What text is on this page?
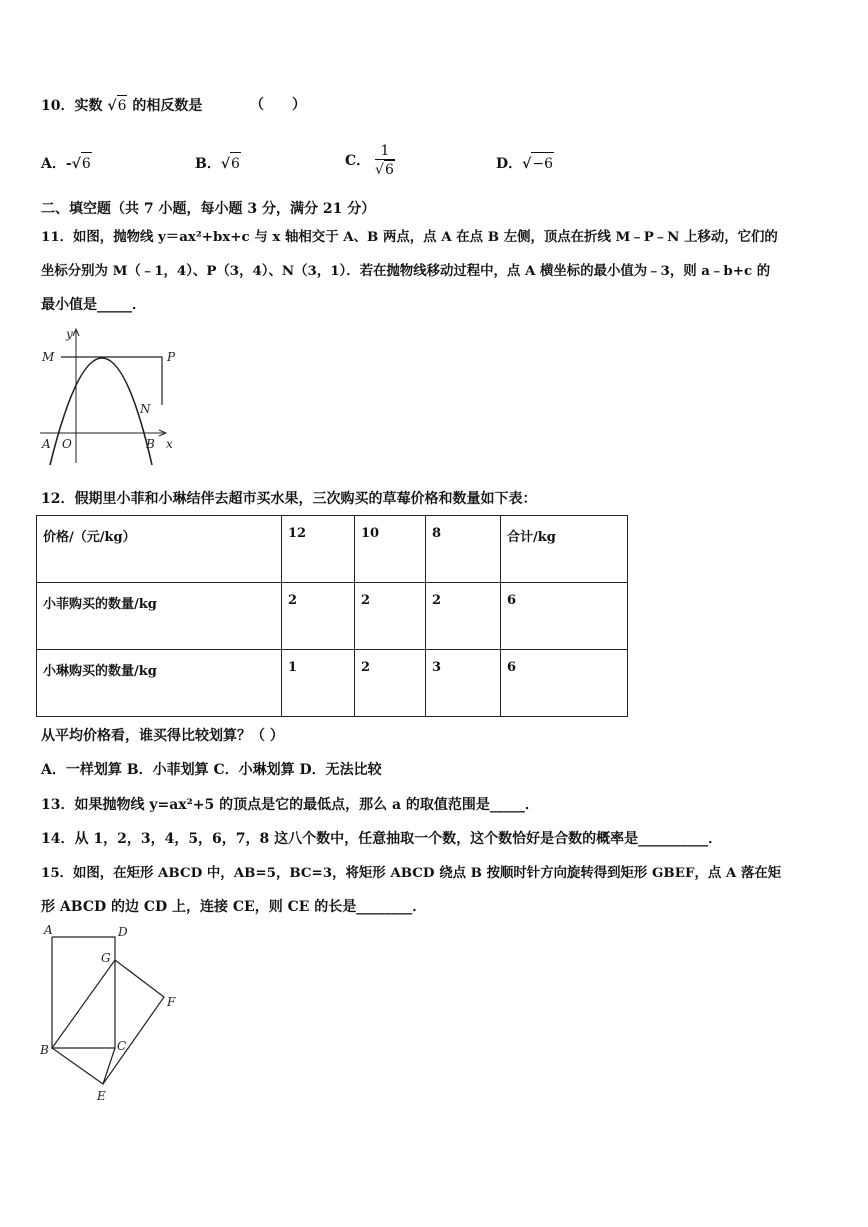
10．实数 √6 的相反数是	（　　）
A．-√6	B．√6	C． $\frac{1}{√6}$	D．√−6
二、填空题（共 7 小题，每小题 3 分，满分 21 分）
11．如图，抛物线 y＝ax²+bx+c 与 x 轴相交于 A、B 两点，点 A 在点 B 左侧，顶点在折线 M﹣P﹣N 上移动，它们的
坐标分别为 M（﹣1，4）、P（3，4）、N（3，1）．若在抛物线移动过程中，点 A 横坐标的最小值为﹣3，则 a﹣b+c 的
最小值是_____．
y
M	P
N
A O	B x
12．假期里小菲和小琳结伴去超市买水果，三次购买的草莓价格和数量如下表：
价格/（元/kg）	12	10	8	合计/kg
小菲购买的数量/kg	2	2	2	6
小琳购买的数量/kg	1	2	3	6
从平均价格看，谁买得比较划算？（ ）
A．一样划算 B．小菲划算 C．小琳划算 D．无法比较
13．如果抛物线 y=ax²+5 的顶点是它的最低点，那么 a 的取值范围是_____．
14．从 1，2，3，4，5，6，7，8 这八个数中，任意抽取一个数，这个数恰好是合数的概率是__________．
15．如图，在矩形 ABCD 中，AB=5，BC=3，将矩形 ABCD 绕点 B 按顺时针方向旋转得到矩形 GBEF，点 A 落在矩
形 ABCD 的边 CD 上，连接 CE，则 CE 的长是________．
A	D
G
F
B	C
E
